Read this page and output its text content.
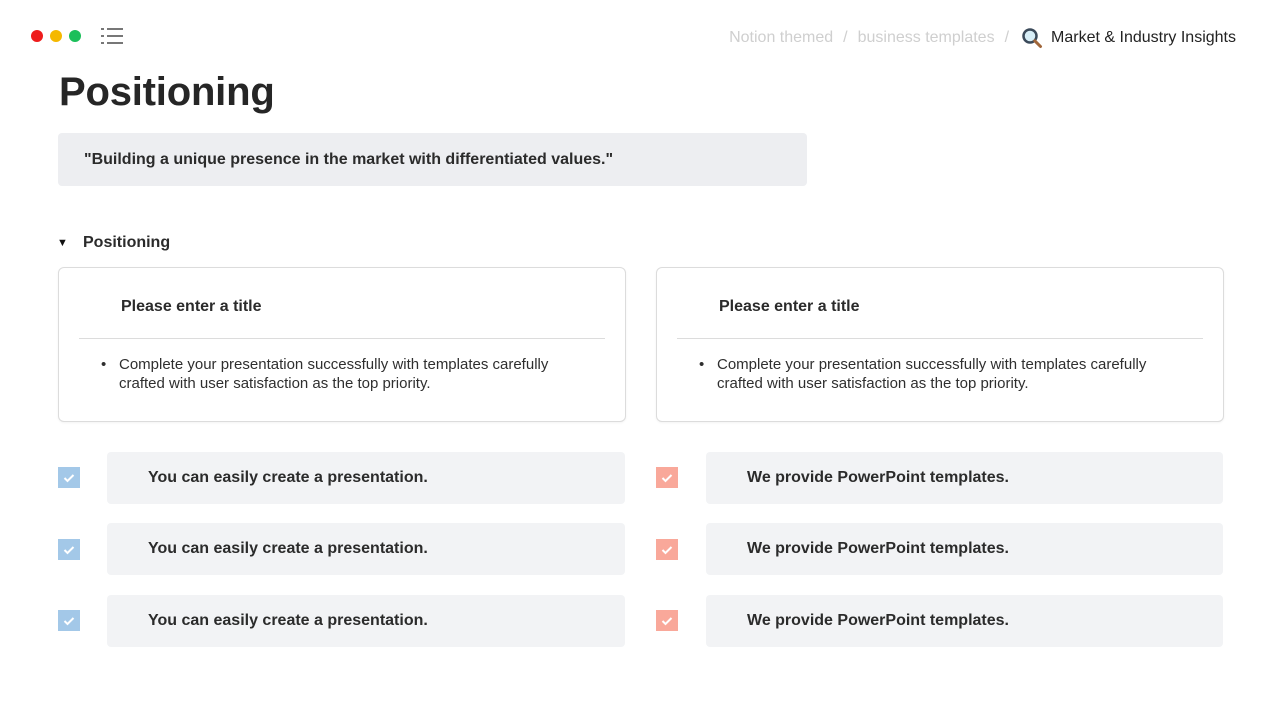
Notion themed / business templates /	Market & Industry Insights
Positioning
"Building a unique presence in the market with differentiated values."
▼ Positioning
Please enter a title
• Complete your presentation successfully with templates carefully crafted with user satisfaction as the top priority.
Please enter a title
• Complete your presentation successfully with templates carefully crafted with user satisfaction as the top priority.
You can easily create a presentation.
You can easily create a presentation.
You can easily create a presentation.
We provide PowerPoint templates.
We provide PowerPoint templates.
We provide PowerPoint templates.
